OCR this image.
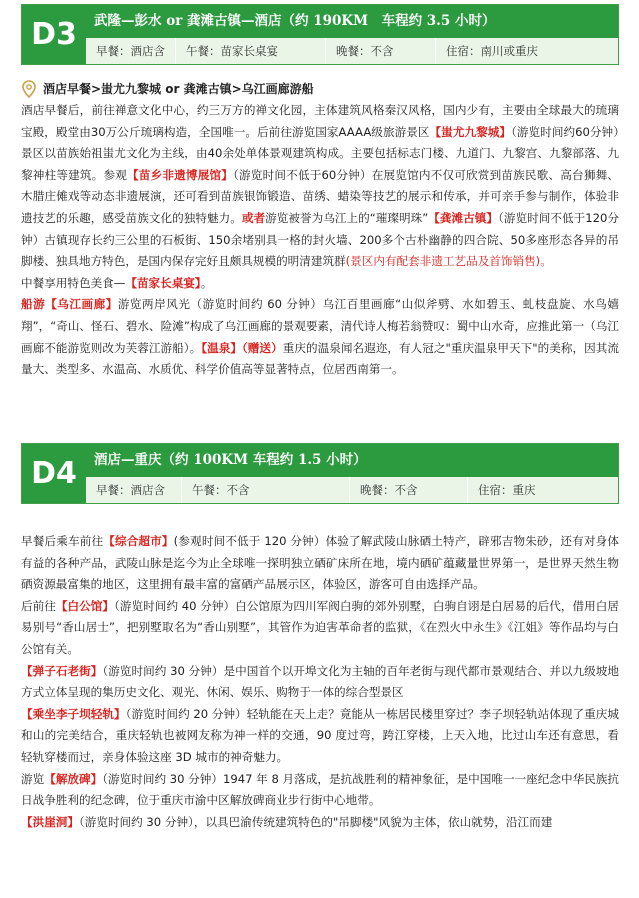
D3	武隆—彭水 or 龚滩古镇—酒店（约 190KM　车程约 3.5 小时）
早餐：酒店含	午餐：苗家长桌宴	晚餐：不含	住宿：南川或重庆
酒店早餐>蚩尤九黎城 or 龚滩古镇>乌江画廊游船

酒店早餐后，前往禅意文化中心，约三万方的禅文化园，主体建筑风格秦汉风格，国内少有，主要由全球最大的琉璃宝殿，殿堂由30万公斤琉璃构造，全国唯一。后前往游览国家AAAA级旅游景区【蚩尤九黎城】（游览时间约60分钟）景区以苗族始祖蚩尤文化为主线，由40余处单体景观建筑构成。主要包括标志门楼、九道门、九黎宫、九黎部落、九黎神柱等建筑。参观【苗乡非遗博展馆】（游览时间不低于60分钟）在展览馆内不仅可欣赏到苗族民歌、高台狮舞、木腊庄傩戏等动态非遗展演，还可看到苗族银饰锻造、苗绣、蜡染等技艺的展示和传承，并可亲手参与制作，体验非遗技艺的乐趣，感受苗族文化的独特魅力。或者游览被誉为乌江上的“璀璨明珠”【龚滩古镇】（游览时间不低于120分钟）古镇现存长约三公里的石板街、150余堵别具一格的封火墙、200多个古朴幽静的四合院、50多座形态各异的吊脚楼、独具地方特色，是国内保存完好且颇具规模的明清建筑群(景区内有配套非遗工艺品及首饰销售)。

中餐享用特色美食—【苗家长桌宴】。

船游【乌江画廊】游览两岸风光（游览时间约 60 分钟）乌江百里画廊“山似斧劈、水如碧玉、虬枝盘旋、水鸟嬉翔”，“奇山、怪石、碧水、险滩”构成了乌江画廊的景观要素，清代诗人梅若翁赞叹：蜀中山水奇，应推此第一（乌江画廊不能游览则改为芙蓉江游船）。【温泉】（赠送）重庆的温泉闻名遐迩，有人冠之"重庆温泉甲天下"的美称，因其流量大、类型多、水温高、水质优、科学价值高等显著特点，位居西南第一。

D4	酒店—重庆（约 100KM 车程约 1.5 小时）
早餐：酒店含	午餐：不含	晚餐：不含	住宿：重庆

早餐后乘车前往【综合超市】(参观时间不低于 120 分钟）体验了解武陵山脉硒土特产，辟邪吉物朱砂，还有对身体有益的各种产品，武陵山脉是迄今为止全球唯一探明独立硒矿床所在地，境内硒矿蕴藏量世界第一，是世界天然生物硒资源最富集的地区，这里拥有最丰富的富硒产品展示区，体验区，游客可自由选择产品。

后前往【白公馆】（游览时间约 40 分钟）白公馆原为四川军阀白驹的郊外别墅，白驹自诩是白居易的后代，借用白居易别号“香山居士”，把别墅取名为“香山别墅”，其管作为迫害革命者的监狱，《在烈火中永生》《江姐》等作品均与白公馆有关。

【弹子石老街】（游览时间约 30 分钟）是中国首个以开埠文化为主轴的百年老街与现代都市景观结合、并以九级坡地方式立体呈现的集历史文化、观光、休闲、娱乐、购物于一体的综合型景区

【乘坐李子坝轻轨】（游览时间约 20 分钟）轻轨能在天上走？竟能从一栋居民楼里穿过？李子坝轻轨站体现了重庆城和山的完美结合，重庆轻轨也被网友称为神一样的交通，90 度过弯，跨江穿楼，上天入地，比过山车还有意思，看轻轨穿楼而过，亲身体验这座 3D 城市的神奇魅力。

游览【解放碑】（游览时间约 30 分钟）1947 年 8 月落成，是抗战胜利的精神象征，是中国唯一一座纪念中华民族抗日战争胜利的纪念碑，位于重庆市渝中区解放碑商业步行街中心地带。

【洪崖洞】（游览时间约 30 分钟），以具巴渝传统建筑特色的"吊脚楼"风貌为主体，依山就势，沿江而建
